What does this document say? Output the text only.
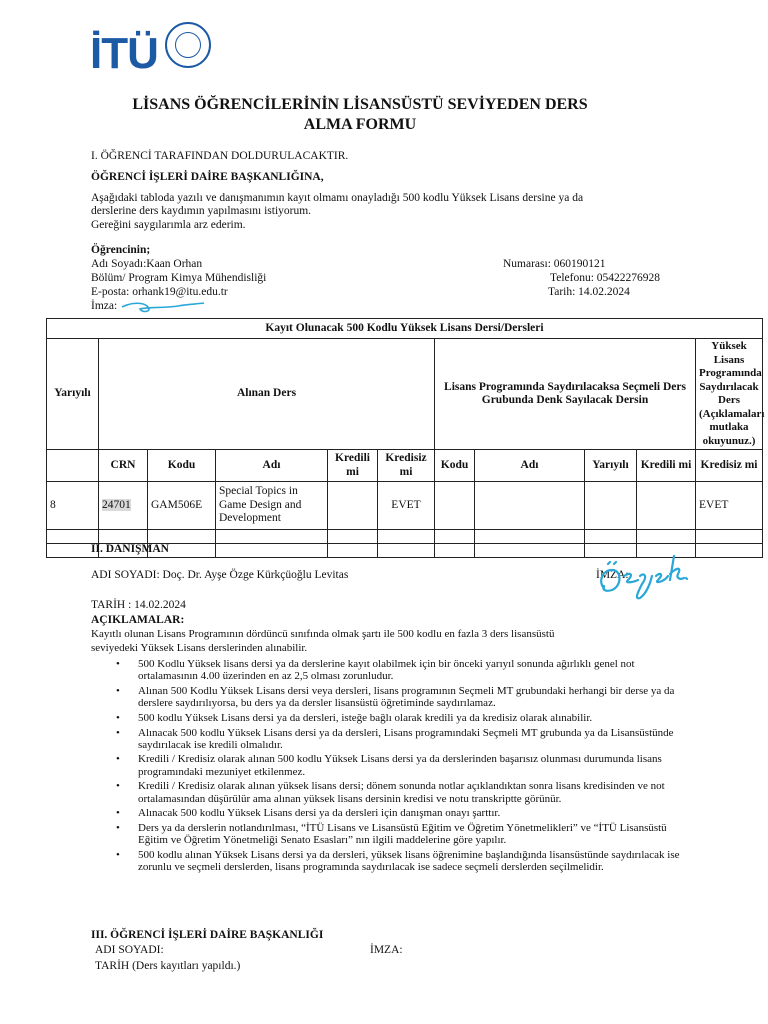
İTÜ
LİSANS ÖĞRENCİLERİNİN LİSANSÜSTÜ SEVİYEDEN DERS
ALMA FORMU
I. ÖĞRENCİ TARAFINDAN DOLDURULACAKTIR.
ÖĞRENCİ İŞLERİ DAİRE BAŞKANLIĞINA,
Aşağıdaki tabloda yazılı ve danışmanımın kayıt olmamı onayladığı 500 kodlu Yüksek Lisans dersine ya da
derslerine ders kaydımın yapılmasını istiyorum.
Gereğini saygılarımla arz ederim.
Öğrencinin;
Adı Soyadı:Kaan Orhan
Bölüm/ Program Kimya Mühendisliği
E-posta: orhank19@itu.edu.tr
İmza:
Numarası: 060190121
Telefonu: 05422276928
Tarih: 14.02.2024
Kayıt Olunacak 500 Kodlu Yüksek Lisans Dersi/Dersleri										
Yarıyılı	Alınan Ders					Lisans Programında Saydırılacaksa Seçmeli Ders Grubunda Denk Sayılacak Dersin				Yüksek Lisans Programında Saydırılacak Ders (Açıklamaları mutlaka okuyunuz.)
	CRN	Kodu	Adı	Kredili mi	Kredisiz mi	Kodu	Adı	Yarıyılı	Kredili mi	Kredisiz mi
8	24701	GAM506E	Special Topics in Game Design and Development		EVET					EVET

II. DANIŞMAN
ADI SOYADI: Doç. Dr. Ayşe Özge Kürkçüoğlu Levitas	İMZA:
TARİH : 14.02.2024
AÇIKLAMALAR:
Kayıtlı olunan Lisans Programının dördüncü sınıfında olmak şartı ile 500 kodlu en fazla 3 ders lisansüstü
seviyedeki Yüksek Lisans derslerinden alınabilir.
• 500 Kodlu Yüksek lisans dersi ya da derslerine kayıt olabilmek için bir önceki yarıyıl sonunda ağırlıklı genel not ortalamasının 4.00 üzerinden en az 2,5 olması zorunludur.
• Alınan 500 Kodlu Yüksek Lisans dersi veya dersleri, lisans programının Seçmeli MT grubundaki herhangi bir derse ya da derslere saydırılıyorsa, bu ders ya da dersler lisansüstü öğretiminde saydırılamaz.
• 500 kodlu Yüksek Lisans dersi ya da dersleri, isteğe bağlı olarak kredili ya da kredisiz olarak alınabilir.
• Alınacak 500 kodlu Yüksek Lisans dersi ya da dersleri, Lisans programındaki Seçmeli MT grubunda ya da Lisansüstünde saydırılacak ise kredili olmalıdır.
• Kredili / Kredisiz olarak alınan 500 kodlu Yüksek Lisans dersi ya da derslerinden başarısız olunması durumunda lisans programındaki mezuniyet etkilenmez.
• Kredili / Kredisiz olarak alınan yüksek lisans dersi; dönem sonunda notlar açıklandıktan sonra lisans kredisinden ve not ortalamasından düşürülür ama alınan yüksek lisans dersinin kredisi ve notu transkriptte görünür.
• Alınacak 500 kodlu Yüksek Lisans dersi ya da dersleri için danışman onayı şarttır.
• Ders ya da derslerin notlandırılması, “İTÜ Lisans ve Lisansüstü Eğitim ve Öğretim Yönetmelikleri” ve “İTÜ Lisansüstü Eğitim ve Öğretim Yönetmeliği Senato Esasları” nın ilgili maddelerine göre yapılır.
• 500 kodlu alınan Yüksek Lisans dersi ya da dersleri, yüksek lisans öğrenimine başlandığında lisansüstünde saydırılacak ise zorunlu ve seçmeli derslerden, lisans programında saydırılacak ise sadece seçmeli derslerden seçilmelidir.
III. ÖĞRENCİ İŞLERİ DAİRE BAŞKANLIĞI
ADI SOYADI:	İMZA:
TARİH (Ders kayıtları yapıldı.)
